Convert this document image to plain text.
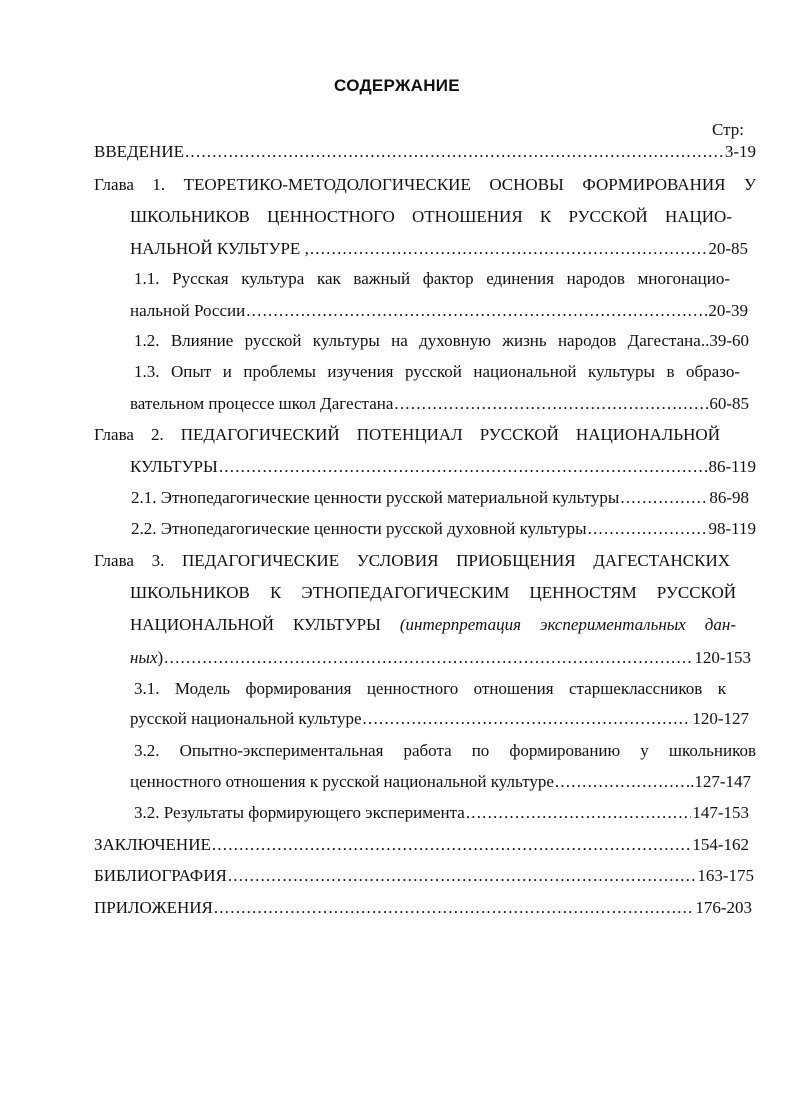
СОДЕРЖАНИЕ
Стр:
ВВЕДЕНИЕ .....	3-19
Глава 1. ТЕОРЕТИКО-МЕТОДОЛОГИЧЕСКИЕ ОСНОВЫ ФОРМИРОВАНИЯ У
ШКОЛЬНИКОВ ЦЕННОСТНОГО ОТНОШЕНИЯ К РУССКОЙ НАЦИО-
НАЛЬНОЙ КУЛЬТУРЕ , .....	20-85
1.1. Русская культура как важный фактор единения народов многонацио-
нальной России .....	20-39
1.2. Влияние русской культуры на духовную жизнь народов Дагестана..39-60
1.3. Опыт и проблемы изучения русской национальной культуры в образо-
вательном процессе школ Дагестана .....	60-85
Глава 2. ПЕДАГОГИЧЕСКИЙ ПОТЕНЦИАЛ РУССКОЙ НАЦИОНАЛЬНОЙ
КУЛЬТУРЫ .....	86-119
2.1. Этнопедагогические ценности русской материальной культуры .....	86-98
2.2. Этнопедагогические ценности русской духовной культуры .....	98-119
Глава 3. ПЕДАГОГИЧЕСКИЕ УСЛОВИЯ ПРИОБЩЕНИЯ ДАГЕСТАНСКИХ
ШКОЛЬНИКОВ К ЭТНОПЕДАГОГИЧЕСКИМ ЦЕННОСТЯМ РУССКОЙ
НАЦИОНАЛЬНОЙ КУЛЬТУРЫ (интерпретация экспериментальных дан-
ных) .....	120-153
3.1. Модель формирования ценностного отношения старшеклассников к
русской национальной культуре .....	120-127
3.2. Опытно-экспериментальная работа по формированию у школьников
ценностного отношения к русской национальной культуре .....	..127-147
3.2. Результаты формирующего эксперимента .....	147-153
ЗАКЛЮЧЕНИЕ .....	154-162
БИБЛИОГРАФИЯ .....	163-175
ПРИЛОЖЕНИЯ .....	176-203
